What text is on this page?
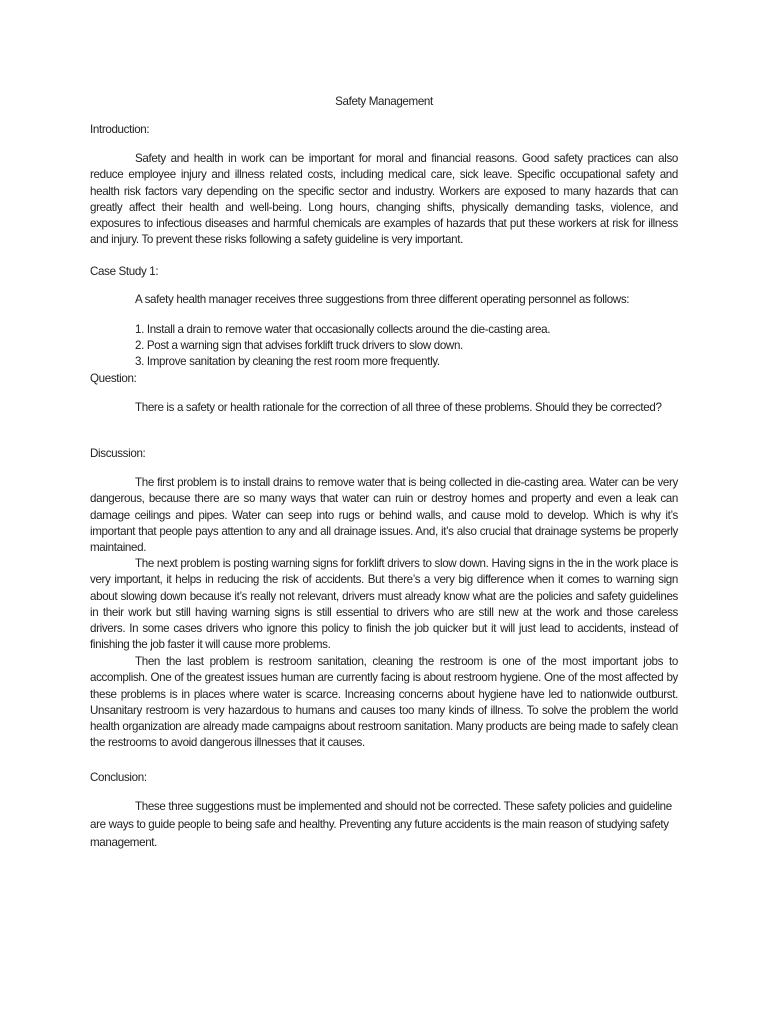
Safety Management
Introduction:

Safety and health in work can be important for moral and financial reasons. Good safety practices can also reduce employee injury and illness related costs, including medical care, sick leave. Specific occupational safety and health risk factors vary depending on the specific sector and industry. Workers are exposed to many hazards that can greatly affect their health and well-being. Long hours, changing shifts, physically demanding tasks, violence, and exposures to infectious diseases and harmful chemicals are examples of hazards that put these workers at risk for illness and injury. To prevent these risks following a safety guideline is very important.

Case Study 1:
A safety health manager receives three suggestions from three different operating personnel as follows:
1. Install a drain to remove water that occasionally collects around the die-casting area.
2. Post a warning sign that advises forklift truck drivers to slow down.
3. Improve sanitation by cleaning the rest room more frequently.
Question:

There is a safety or health rationale for the correction of all three of these problems. Should they be corrected?

Discussion:

The first problem is to install drains to remove water that is being collected in die-casting area. Water can be very dangerous, because there are so many ways that water can ruin or destroy homes and property and even a leak can damage ceilings and pipes. Water can seep into rugs or behind walls, and cause mold to develop. Which is why it’s important that people pays attention to any and all drainage issues. And, it’s also crucial that drainage systems be properly maintained.

The next problem is posting warning signs for forklift drivers to slow down. Having signs in the in the work place is very important, it helps in reducing the risk of accidents. But there’s a very big difference when it comes to warning sign about slowing down because it’s really not relevant, drivers must already know what are the policies and safety guidelines in their work but still having warning signs is still essential to drivers who are still new at the work and those careless drivers. In some cases drivers who ignore this policy to finish the job quicker but it will just lead to accidents, instead of finishing the job faster it will cause more problems.

Then the last problem is restroom sanitation, cleaning the restroom is one of the most important jobs to accomplish. One of the greatest issues human are currently facing is about restroom hygiene. One of the most affected by these problems is in places where water is scarce. Increasing concerns about hygiene have led to nationwide outburst. Unsanitary restroom is very hazardous to humans and causes too many kinds of illness. To solve the problem the world health organization are already made campaigns about restroom sanitation. Many products are being made to safely clean the restrooms to avoid dangerous illnesses that it causes.

Conclusion:

These three suggestions must be implemented and should not be corrected. These safety policies and guideline are ways to guide people to being safe and healthy. Preventing any future accidents is the main reason of studying safety management.
